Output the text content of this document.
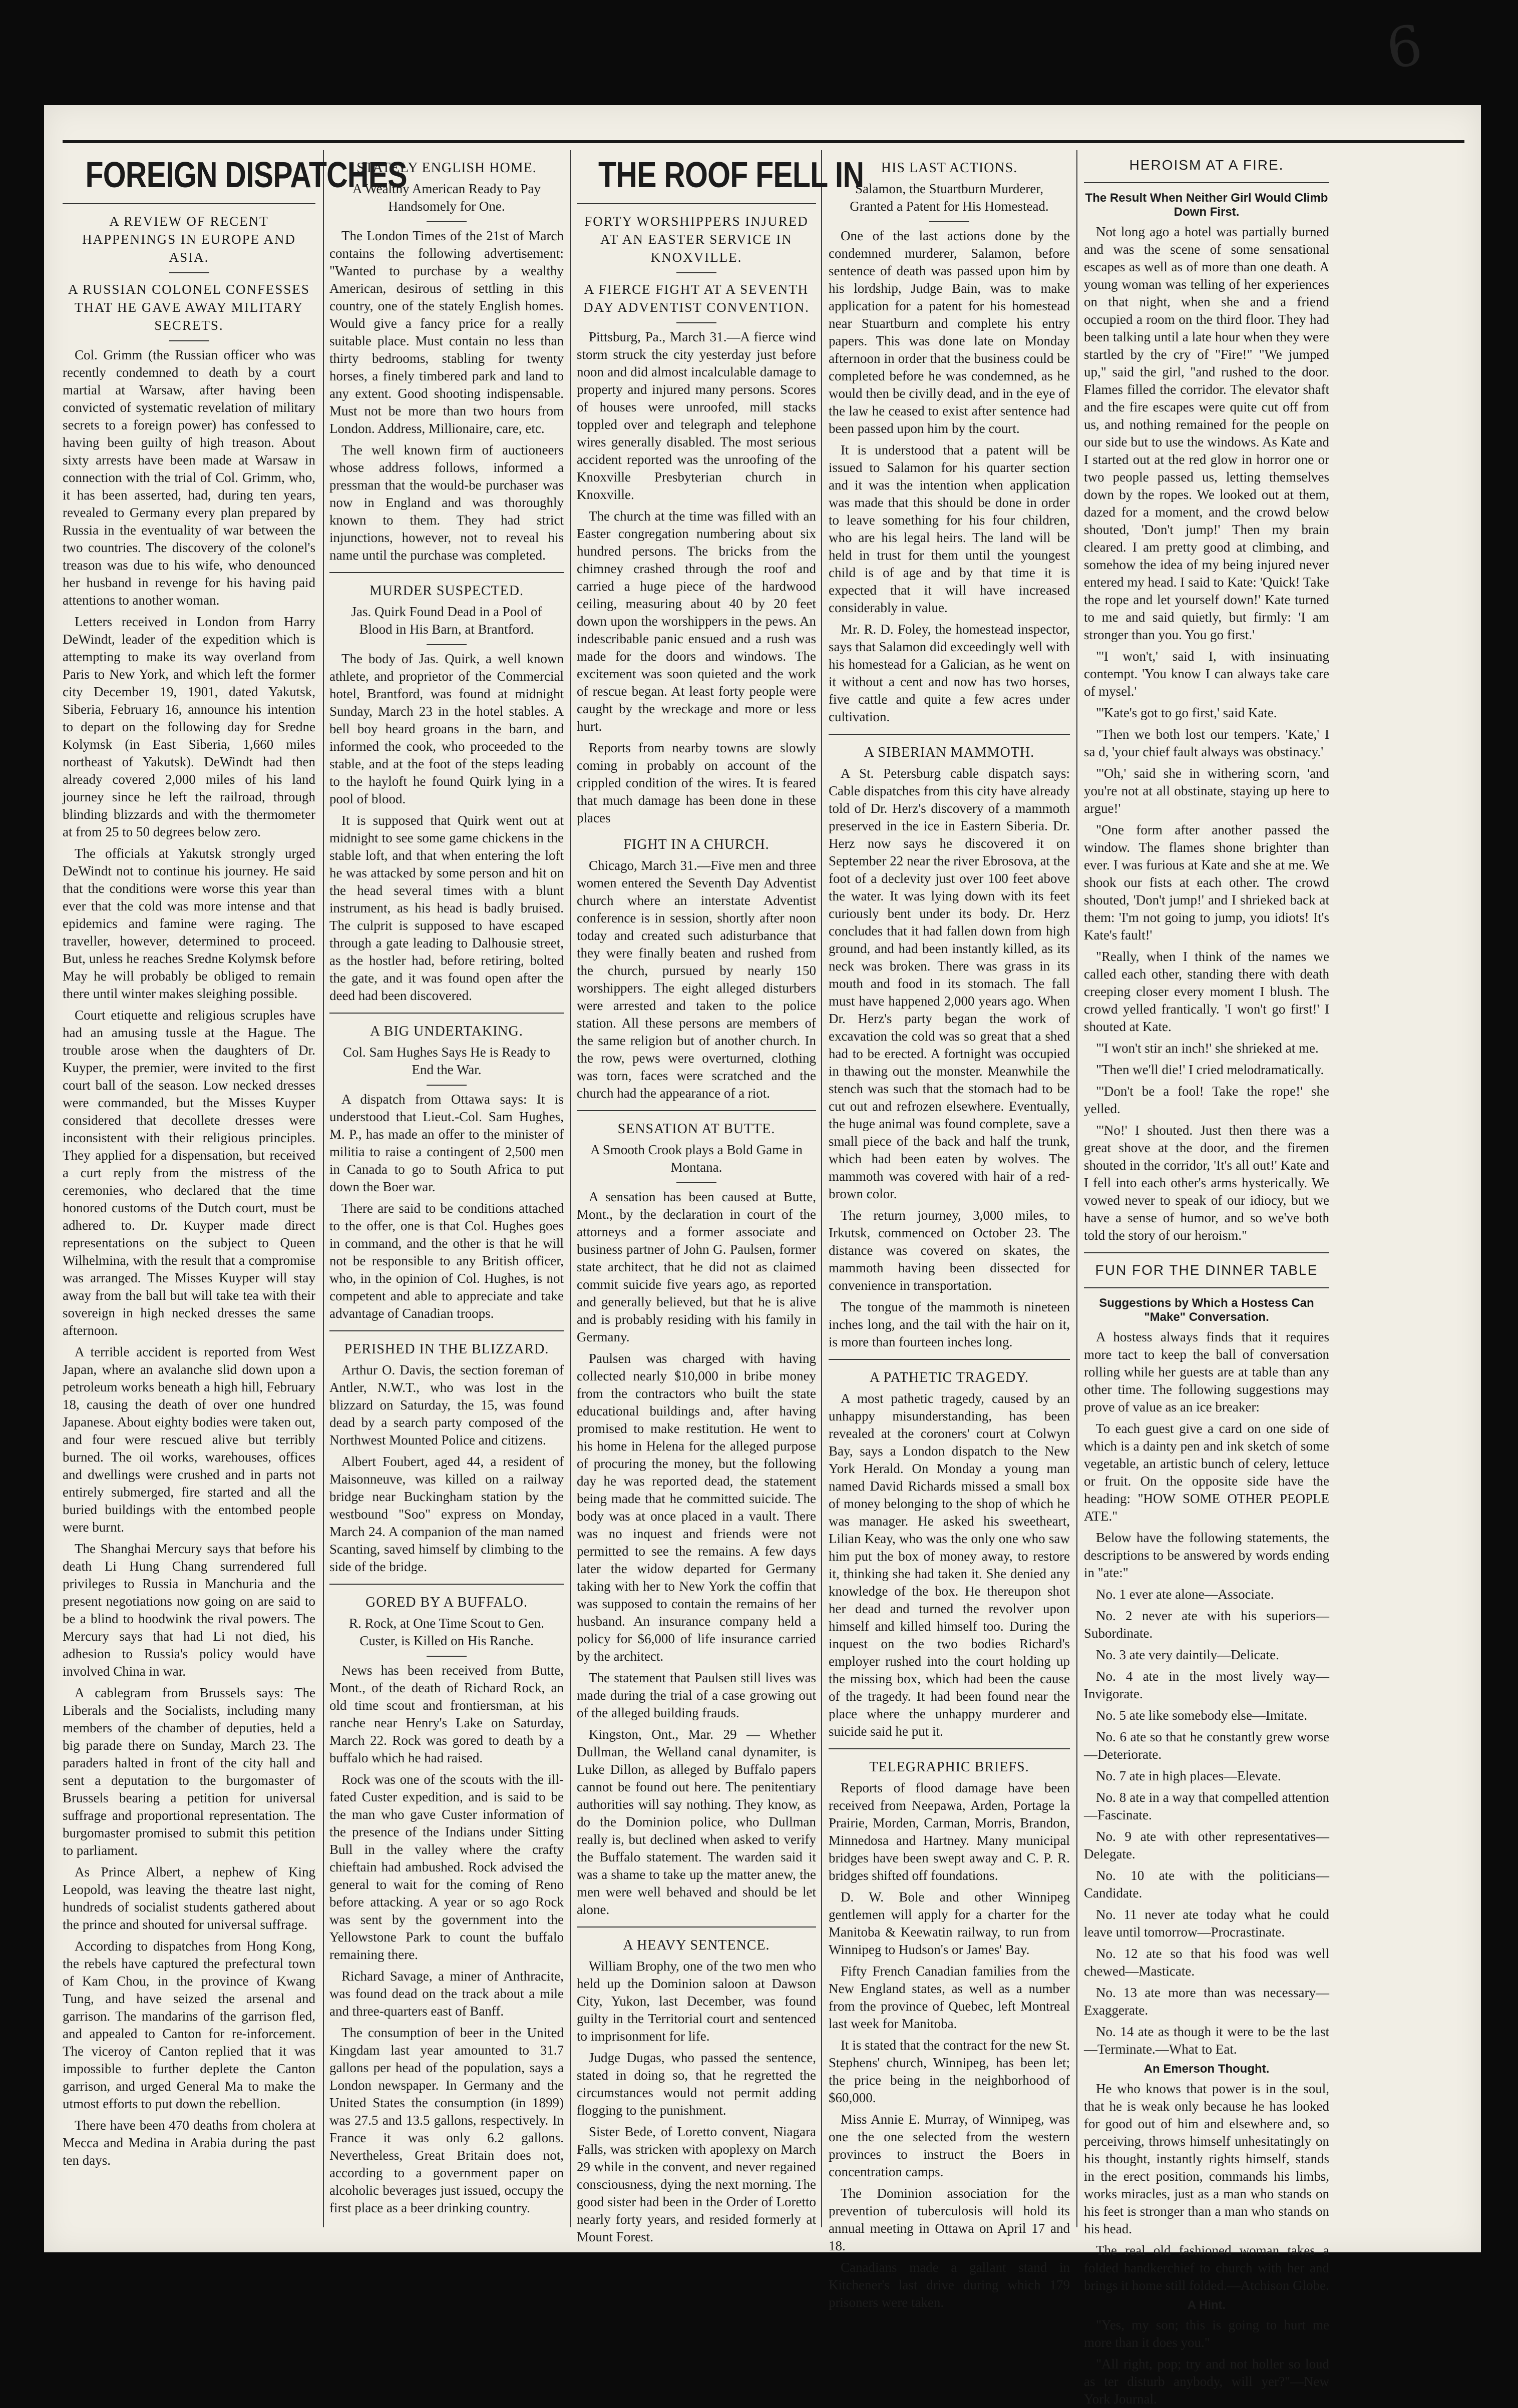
6
FOREIGN DISPATCHES
A REVIEW OF RECENT HAPPENINGS IN EUROPE AND ASIA.
A RUSSIAN COLONEL CONFESSES THAT HE GAVE AWAY MILITARY SECRETS.

Col. Grimm (the Russian officer who was recently condemned to death by a court martial at Warsaw, after having been convicted of systematic revelation of military secrets to a foreign power) has confessed to having been guilty of high treason. About sixty arrests have been made at Warsaw in connection with the trial of Col. Grimm, who, it has been asserted, had, during ten years, revealed to Germany every plan prepared by Russia in the eventuality of war between the two countries. The discovery of the colonel's treason was due to his wife, who denounced her husband in revenge for his having paid attentions to another woman.

Letters received in London from Harry DeWindt, leader of the expedition which is attempting to make its way overland from Paris to New York, and which left the former city December 19, 1901, dated Yakutsk, Siberia, February 16, announce his intention to depart on the following day for Sredne Kolymsk (in East Siberia, 1,660 miles northeast of Yakutsk). DeWindt had then already covered 2,000 miles of his land journey since he left the railroad, through blinding blizzards and with the thermometer at from 25 to 50 degrees below zero.

The officials at Yakutsk strongly urged DeWindt not to continue his journey. He said that the conditions were worse this year than ever that the cold was more intense and that epidemics and famine were raging. The traveller, however, determined to proceed. But, unless he reaches Sredne Kolymsk before May he will probably be obliged to remain there until winter makes sleighing possible.

Court etiquette and religious scruples have had an amusing tussle at the Hague. The trouble arose when the daughters of Dr. Kuyper, the premier, were invited to the first court ball of the season. Low necked dresses were commanded, but the Misses Kuyper considered that decollete dresses were inconsistent with their religious principles. They applied for a dispensation, but received a curt reply from the mistress of the ceremonies, who declared that the time honored customs of the Dutch court, must be adhered to. Dr. Kuyper made direct representations on the subject to Queen Wilhelmina, with the result that a compromise was arranged. The Misses Kuyper will stay away from the ball but will take tea with their sovereign in high necked dresses the same afternoon.

A terrible accident is reported from West Japan, where an avalanche slid down upon a petroleum works beneath a high hill, February 18, causing the death of over one hundred Japanese. About eighty bodies were taken out, and four were rescued alive but terribly burned. The oil works, warehouses, offices and dwellings were crushed and in parts not entirely submerged, fire started and all the buried buildings with the entombed people were burnt.

The Shanghai Mercury says that before his death Li Hung Chang surrendered full privileges to Russia in Manchuria and the present negotiations now going on are said to be a blind to hoodwink the rival powers. The Mercury says that had Li not died, his adhesion to Russia's policy would have involved China in war.

A cablegram from Brussels says: The Liberals and the Socialists, including many members of the chamber of deputies, held a big parade there on Sunday, March 23. The paraders halted in front of the city hall and sent a deputation to the burgomaster of Brussels bearing a petition for universal suffrage and proportional representation. The burgomaster promised to submit this petition to parliament.

As Prince Albert, a nephew of King Leopold, was leaving the theatre last night, hundreds of socialist students gathered about the prince and shouted for universal suffrage.

According to dispatches from Hong Kong, the rebels have captured the prefectural town of Kam Chou, in the province of Kwang Tung, and have seized the arsenal and garrison. The mandarins of the garrison fled, and appealed to Canton for re-inforcement. The viceroy of Canton replied that it was impossible to further deplete the Canton garrison, and urged General Ma to make the utmost efforts to put down the rebellion.

There have been 470 deaths from cholera at Mecca and Medina in Arabia during the past ten days.

STATELY ENGLISH HOME.
A Wealthy American Ready to Pay Handsomely for One.

The London Times of the 21st of March contains the following advertisement: "Wanted to purchase by a wealthy American, desirous of settling in this country, one of the stately English homes. Would give a fancy price for a really suitable place. Must contain no less than thirty bedrooms, stabling for twenty horses, a finely timbered park and land to any extent. Good shooting indispensable. Must not be more than two hours from London. Address, Millionaire, care, etc.

The well known firm of auctioneers whose address follows, informed a pressman that the would-be purchaser was now in England and was thoroughly known to them. They had strict injunctions, however, not to reveal his name until the purchase was completed.

MURDER SUSPECTED.
Jas. Quirk Found Dead in a Pool of Blood in His Barn, at Brantford.

The body of Jas. Quirk, a well known athlete, and proprietor of the Commercial hotel, Brantford, was found at midnight Sunday, March 23 in the hotel stables. A bell boy heard groans in the barn, and informed the cook, who proceeded to the stable, and at the foot of the steps leading to the hayloft he found Quirk lying in a pool of blood.

It is supposed that Quirk went out at midnight to see some game chickens in the stable loft, and that when entering the loft he was attacked by some person and hit on the head several times with a blunt instrument, as his head is badly bruised. The culprit is supposed to have escaped through a gate leading to Dalhousie street, as the hostler had, before retiring, bolted the gate, and it was found open after the deed had been discovered.

A BIG UNDERTAKING.
Col. Sam Hughes Says He is Ready to End the War.

A dispatch from Ottawa says: It is understood that Lieut.-Col. Sam Hughes, M. P., has made an offer to the minister of militia to raise a contingent of 2,500 men in Canada to go to South Africa to put down the Boer war.

There are said to be conditions attached to the offer, one is that Col. Hughes goes in command, and the other is that he will not be responsible to any British officer, who, in the opinion of Col. Hughes, is not competent and able to appreciate and take advantage of Canadian troops.

PERISHED IN THE BLIZZARD.

Arthur O. Davis, the section foreman of Antler, N.W.T., who was lost in the blizzard on Saturday, the 15, was found dead by a search party composed of the Northwest Mounted Police and citizens.

Albert Foubert, aged 44, a resident of Maisonneuve, was killed on a railway bridge near Buckingham station by the westbound "Soo" express on Monday, March 24. A companion of the man named Scanting, saved himself by climbing to the side of the bridge.

GORED BY A BUFFALO.
R. Rock, at One Time Scout to Gen. Custer, is Killed on His Ranche.

News has been received from Butte, Mont., of the death of Richard Rock, an old time scout and frontiersman, at his ranche near Henry's Lake on Saturday, March 22. Rock was gored to death by a buffalo which he had raised.

Rock was one of the scouts with the ill-fated Custer expedition, and is said to be the man who gave Custer information of the presence of the Indians under Sitting Bull in the valley where the crafty chieftain had ambushed. Rock advised the general to wait for the coming of Reno before attacking. A year or so ago Rock was sent by the government into the Yellowstone Park to count the buffalo remaining there.

Richard Savage, a miner of Anthracite, was found dead on the track about a mile and three-quarters east of Banff.

The consumption of beer in the United Kingdam last year amounted to 31.7 gallons per head of the population, says a London newspaper. In Germany and the United States the consumption (in 1899) was 27.5 and 13.5 gallons, respectively. In France it was only 6.2 gallons. Nevertheless, Great Britain does not, according to a government paper on alcoholic beverages just issued, occupy the first place as a beer drinking country.

THE ROOF FELL IN
FORTY WORSHIPPERS INJURED AT AN EASTER SERVICE IN KNOXVILLE.
A FIERCE FIGHT AT A SEVENTH DAY ADVENTIST CONVENTION.

Pittsburg, Pa., March 31.—A fierce wind storm struck the city yesterday just before noon and did almost incalculable damage to property and injured many persons. Scores of houses were unroofed, mill stacks toppled over and telegraph and telephone wires generally disabled. The most serious accident reported was the unroofing of the Knoxville Presbyterian church in Knoxville.

The church at the time was filled with an Easter congregation numbering about six hundred persons. The bricks from the chimney crashed through the roof and carried a huge piece of the hardwood ceiling, measuring about 40 by 20 feet down upon the worshippers in the pews. An indescribable panic ensued and a rush was made for the doors and windows. The excitement was soon quieted and the work of rescue began. At least forty people were caught by the wreckage and more or less hurt.

Reports from nearby towns are slowly coming in probably on account of the crippled condition of the wires. It is feared that much damage has been done in these places

FIGHT IN A CHURCH.

Chicago, March 31.—Five men and three women entered the Seventh Day Adventist church where an interstate Adventist conference is in session, shortly after noon today and created such adisturbance that they were finally beaten and rushed from the church, pursued by nearly 150 worshippers. The eight alleged disturbers were arrested and taken to the police station. All these persons are members of the same religion but of another church. In the row, pews were overturned, clothing was torn, faces were scratched and the church had the appearance of a riot.

SENSATION AT BUTTE.
A Smooth Crook plays a Bold Game in Montana.

A sensation has been caused at Butte, Mont., by the declaration in court of the attorneys and a former associate and business partner of John G. Paulsen, former state architect, that he did not as claimed commit suicide five years ago, as reported and generally believed, but that he is alive and is probably residing with his family in Germany.

Paulsen was charged with having collected nearly $10,000 in bribe money from the contractors who built the state educational buildings and, after having promised to make restitution. He went to his home in Helena for the alleged purpose of procuring the money, but the following day he was reported dead, the statement being made that he committed suicide. The body was at once placed in a vault. There was no inquest and friends were not permitted to see the remains. A few days later the widow departed for Germany taking with her to New York the coffin that was supposed to contain the remains of her husband. An insurance company held a policy for $6,000 of life insurance carried by the architect.

The statement that Paulsen still lives was made during the trial of a case growing out of the alleged building frauds.

Kingston, Ont., Mar. 29 — Whether Dullman, the Welland canal dynamiter, is Luke Dillon, as alleged by Buffalo papers cannot be found out here. The penitentiary authorities will say nothing. They know, as do the Dominion police, who Dullman really is, but declined when asked to verify the Buffalo statement. The warden said it was a shame to take up the matter anew, the men were well behaved and should be let alone.

A HEAVY SENTENCE.

William Brophy, one of the two men who held up the Dominion saloon at Dawson City, Yukon, last December, was found guilty in the Territorial court and sentenced to imprisonment for life.

Judge Dugas, who passed the sentence, stated in doing so, that he regretted the circumstances would not permit adding flogging to the punishment.

Sister Bede, of Loretto convent, Niagara Falls, was stricken with apoplexy on March 29 while in the convent, and never regained consciousness, dying the next morning. The good sister had been in the Order of Loretto nearly forty years, and resided formerly at Mount Forest.

HIS LAST ACTIONS.
Salamon, the Stuartburn Murderer, Granted a Patent for His Homestead.

One of the last actions done by the condemned murderer, Salamon, before sentence of death was passed upon him by his lordship, Judge Bain, was to make application for a patent for his homestead near Stuartburn and complete his entry papers. This was done late on Monday afternoon in order that the business could be completed before he was condemned, as he would then be civilly dead, and in the eye of the law he ceased to exist after sentence had been passed upon him by the court.

It is understood that a patent will be issued to Salamon for his quarter section and it was the intention when application was made that this should be done in order to leave something for his four children, who are his legal heirs. The land will be held in trust for them until the youngest child is of age and by that time it is expected that it will have increased considerably in value.

Mr. R. D. Foley, the homestead inspector, says that Salamon did exceedingly well with his homestead for a Galician, as he went on it without a cent and now has two horses, five cattle and quite a few acres under cultivation.

A SIBERIAN MAMMOTH.

A St. Petersburg cable dispatch says: Cable dispatches from this city have already told of Dr. Herz's discovery of a mammoth preserved in the ice in Eastern Siberia. Dr. Herz now says he discovered it on September 22 near the river Ebrosova, at the foot of a declevity just over 100 feet above the water. It was lying down with its feet curiously bent under its body. Dr. Herz concludes that it had fallen down from high ground, and had been instantly killed, as its neck was broken. There was grass in its mouth and food in its stomach. The fall must have happened 2,000 years ago. When Dr. Herz's party began the work of excavation the cold was so great that a shed had to be erected. A fortnight was occupied in thawing out the monster. Meanwhile the stench was such that the stomach had to be cut out and refrozen elsewhere. Eventually, the huge animal was found complete, save a small piece of the back and half the trunk, which had been eaten by wolves. The mammoth was covered with hair of a red-brown color.

The return journey, 3,000 miles, to Irkutsk, commenced on October 23. The distance was covered on skates, the mammoth having been dissected for convenience in transportation.

The tongue of the mammoth is nineteen inches long, and the tail with the hair on it, is more than fourteen inches long.

A PATHETIC TRAGEDY.

A most pathetic tragedy, caused by an unhappy misunderstanding, has been revealed at the coroners' court at Colwyn Bay, says a London dispatch to the New York Herald. On Monday a young man named David Richards missed a small box of money belonging to the shop of which he was manager. He asked his sweetheart, Lilian Keay, who was the only one who saw him put the box of money away, to restore it, thinking she had taken it. She denied any knowledge of the box. He thereupon shot her dead and turned the revolver upon himself and killed himself too. During the inquest on the two bodies Richard's employer rushed into the court holding up the missing box, which had been the cause of the tragedy. It had been found near the place where the unhappy murderer and suicide said he put it.

TELEGRAPHIC BRIEFS.

Reports of flood damage have been received from Neepawa, Arden, Portage la Prairie, Morden, Carman, Morris, Brandon, Minnedosa and Hartney. Many municipal bridges have been swept away and C. P. R. bridges shifted off foundations.

D. W. Bole and other Winnipeg gentlemen will apply for a charter for the Manitoba & Keewatin railway, to run from Winnipeg to Hudson's or James' Bay.

Fifty French Canadian families from the New England states, as well as a number from the province of Quebec, left Montreal last week for Manitoba.

It is stated that the contract for the new St. Stephens' church, Winnipeg, has been let; the price being in the neighborhood of $60,000.

Miss Annie E. Murray, of Winnipeg, was one the one selected from the western provinces to instruct the Boers in concentration camps.

The Dominion association for the prevention of tuberculosis will hold its annual meeting in Ottawa on April 17 and 18.

Canadians made a gallant stand in Kitchener's last drive during which 179 prisoners were taken.

HEROISM AT A FIRE.
The Result When Neither Girl Would Climb Down First.

Not long ago a hotel was partially burned and was the scene of some sensational escapes as well as of more than one death. A young woman was telling of her experiences on that night, when she and a friend occupied a room on the third floor. They had been talking until a late hour when they were startled by the cry of "Fire!" "We jumped up," said the girl, "and rushed to the door. Flames filled the corridor. The elevator shaft and the fire escapes were quite cut off from us, and nothing remained for the people on our side but to use the windows. As Kate and I started out at the red glow in horror one or two people passed us, letting themselves down by the ropes. We looked out at them, dazed for a moment, and the crowd below shouted, 'Don't jump!' Then my brain cleared. I am pretty good at climbing, and somehow the idea of my being injured never entered my head. I said to Kate: 'Quick! Take the rope and let yourself down!' Kate turned to me and said quietly, but firmly: 'I am stronger than you. You go first.'

"'I won't,' said I, with insinuating contempt. 'You know I can always take care of mysel.'

"'Kate's got to go first,' said Kate.

"Then we both lost our tempers. 'Kate,' I sa d, 'your chief fault always was obstinacy.'

"'Oh,' said she in withering scorn, 'and you're not at all obstinate, staying up here to argue!'

"One form after another passed the window. The flames shone brighter than ever. I was furious at Kate and she at me. We shook our fists at each other. The crowd shouted, 'Don't jump!' and I shrieked back at them: 'I'm not going to jump, you idiots! It's Kate's fault!'

"Really, when I think of the names we called each other, standing there with death creeping closer every moment I blush. The crowd yelled frantically. 'I won't go first!' I shouted at Kate.

"'I won't stir an inch!' she shrieked at me.

"Then we'll die!' I cried melodramatically.

"'Don't be a fool! Take the rope!' she yelled.

"'No!' I shouted. Just then there was a great shove at the door, and the firemen shouted in the corridor, 'It's all out!' Kate and I fell into each other's arms hysterically. We vowed never to speak of our idiocy, but we have a sense of humor, and so we've both told the story of our heroism."

FUN FOR THE DINNER TABLE
Suggestions by Which a Hostess Can "Make" Conversation.

A hostess always finds that it requires more tact to keep the ball of conversation rolling while her guests are at table than any other time. The following suggestions may prove of value as an ice breaker:

To each guest give a card on one side of which is a dainty pen and ink sketch of some vegetable, an artistic bunch of celery, lettuce or fruit. On the opposite side have the heading: "HOW SOME OTHER PEOPLE ATE."

Below have the following statements, the descriptions to be answered by words ending in "ate:"

No. 1 ever ate alone—Associate.

No. 2 never ate with his superiors—Subordinate.

No. 3 ate very daintily—Delicate.

No. 4 ate in the most lively way—Invigorate.

No. 5 ate like somebody else—Imitate.

No. 6 ate so that he constantly grew worse—Deteriorate.

No. 7 ate in high places—Elevate.

No. 8 ate in a way that compelled attention—Fascinate.

No. 9 ate with other representatives—Delegate.

No. 10 ate with the politicians—Candidate.

No. 11 never ate today what he could leave until tomorrow—Procrastinate.

No. 12 ate so that his food was well chewed—Masticate.

No. 13 ate more than was necessary—Exaggerate.

No. 14 ate as though it were to be the last—Terminate.—What to Eat.

An Emerson Thought.

He who knows that power is in the soul, that he is weak only because he has looked for good out of him and elsewhere and, so perceiving, throws himself unhesitatingly on his thought, instantly rights himself, stands in the erect position, commands his limbs, works miracles, just as a man who stands on his feet is stronger than a man who stands on his head.

The real old fashioned woman takes a folded handkerchief to church with her and brings it home still folded.—Atchison Globe.

A Hint.

"Yes, my son; this is going to hurt me more than it does you."

"All right, pop; try and not holler so loud as ter disturb anybody, will yer?"—New York Journal.
